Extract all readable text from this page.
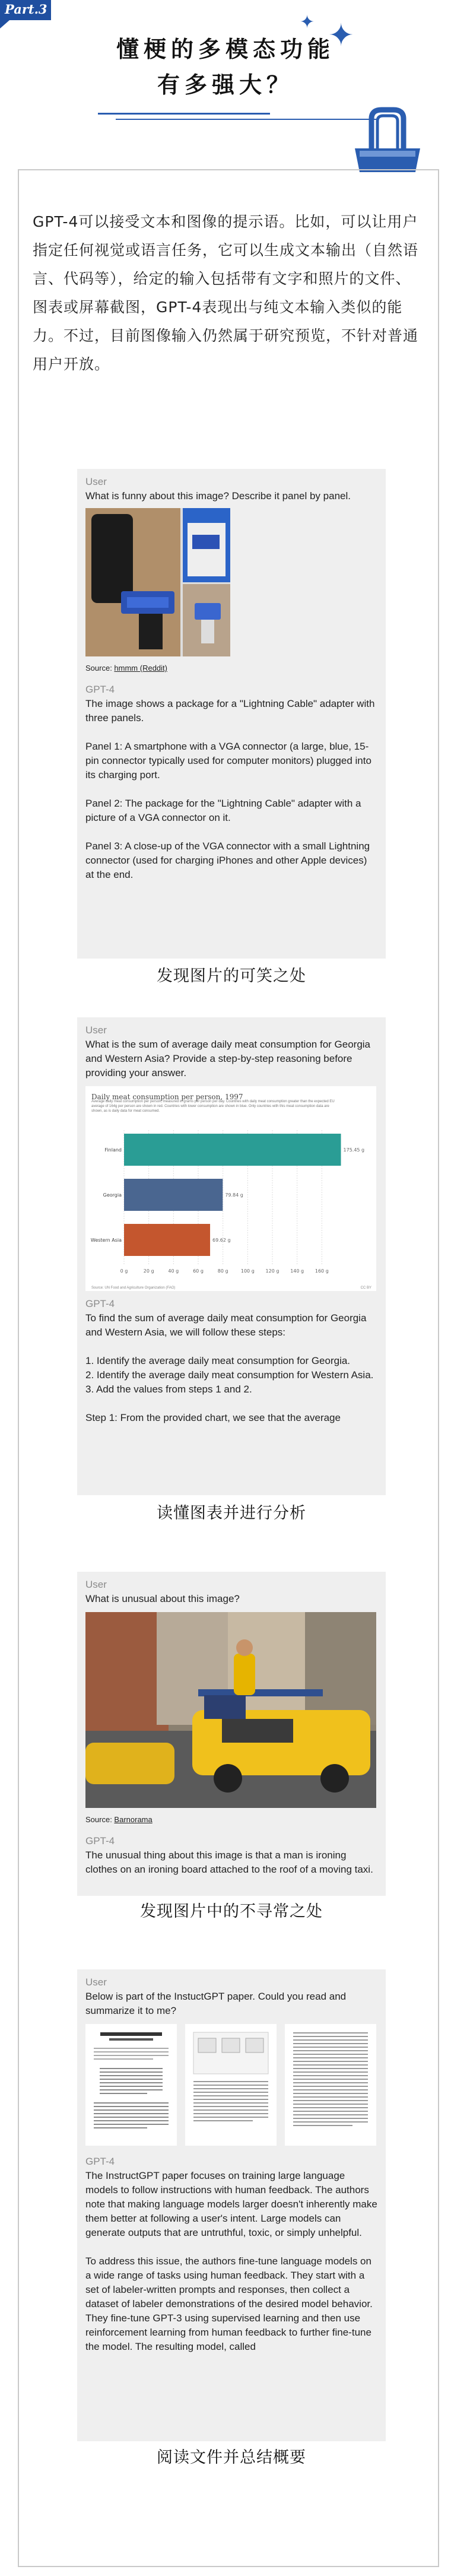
Part.3
✦ ✦
懂梗的多模态功能
有多强大？
GPT-4可以接受文本和图像的提示语。比如，可以让用户指定任何视觉或语言任务，它可以生成文本输出（自然语言、代码等），给定的输入包括带有文字和照片的文件、图表或屏幕截图，GPT-4表现出与纯文本输入类似的能力。不过，目前图像输入仍然属于研究预览，不针对普通用户开放。
User
What is funny about this image? Describe it panel by panel.
Source: hmmm (Reddit)
GPT-4
The image shows a package for a "Lightning Cable" adapter with three panels.
Panel 1: A smartphone with a VGA connector (a large, blue, 15-pin connector typically used for computer monitors) plugged into its charging port.
Panel 2: The package for the "Lightning Cable" adapter with a picture of a VGA connector on it.
Panel 3: A close-up of the VGA connector with a small Lightning connector (used for charging iPhones and other Apple devices) at the end.
发现图片的可笑之处
User
What is the sum of average daily meat consumption for Georgia and Western Asia? Provide a step-by-step reasoning before providing your answer.
Daily meat consumption per person, 1997
Average daily meat consumption per person, measured in grams per person per day. Countries with daily meat consumption greater than the expected EU average of 164g per person are shown in red. Countries with lower consumption are shown in blue. Only countries with this meat consumption data are shown, as is daily data for meat consumed.
0 g	20 g	40 g	60 g	80 g	100 g 120 g 140 g 160 g
Finland	175.45 g
Georgia	79.84 g
Western Asia	69.62 g
Source: UN Food and Agriculture Organization (FAO)	CC BY
GPT-4
To find the sum of average daily meat consumption for Georgia and Western Asia, we will follow these steps:
1. Identify the average daily meat consumption for Georgia.
2. Identify the average daily meat consumption for Western Asia.
3. Add the values from steps 1 and 2.
Step 1: From the provided chart, we see that the average
读懂图表并进行分析
User
What is unusual about this image?
Source: Barnorama
GPT-4
The unusual thing about this image is that a man is ironing clothes on an ironing board attached to the roof of a moving taxi.
发现图片中的不寻常之处
User
Below is part of the InstuctGPT paper. Could you read and summarize it to me?
GPT-4
The InstructGPT paper focuses on training large language models to follow instructions with human feedback. The authors note that making language models larger doesn't inherently make them better at following a user's intent. Large models can generate outputs that are untruthful, toxic, or simply unhelpful.
To address this issue, the authors fine-tune language models on a wide range of tasks using human feedback. They start with a set of labeler-written prompts and responses, then collect a dataset of labeler demonstrations of the desired model behavior. They fine-tune GPT-3 using supervised learning and then use reinforcement learning from human feedback to further fine-tune the model. The resulting model, called
阅读文件并总结概要
